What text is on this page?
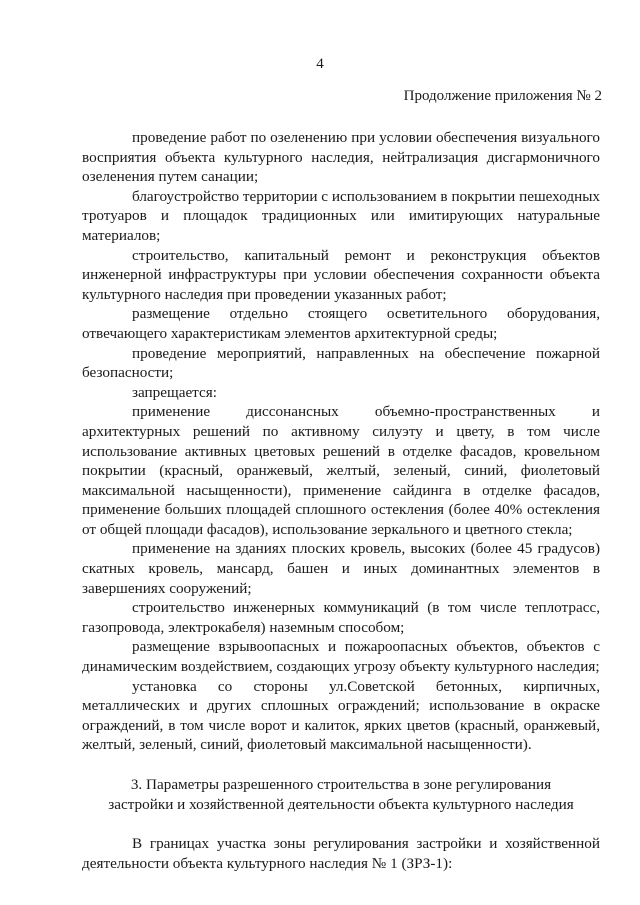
4
Продолжение приложения № 2

проведение работ по озеленению при условии обеспечения визуального восприятия объекта культурного наследия, нейтрализация дисгармоничного озеленения путем санации;

благоустройство территории с использованием в покрытии пешеходных тротуаров и площадок традиционных или имитирующих натуральные материалов;

строительство, капитальный ремонт и реконструкция объектов инженерной инфраструктуры при условии обеспечения сохранности объекта культурного наследия при проведении указанных работ;

размещение отдельно стоящего осветительного оборудования, отвечающего характеристикам элементов архитектурной среды;

проведение мероприятий, направленных на обеспечение пожарной безопасности;

запрещается:

применение диссонансных объемно-пространственных и архитектурных решений по активному силуэту и цвету, в том числе использование активных цветовых решений в отделке фасадов, кровельном покрытии (красный, оранжевый, желтый, зеленый, синий, фиолетовый максимальной насыщенности), применение сайдинга в отделке фасадов, применение больших площадей сплошного остекления (более 40% остекления от общей площади фасадов), использование зеркального и цветного стекла;

применение на зданиях плоских кровель, высоких (более 45 градусов) скатных кровель, мансард, башен и иных доминантных элементов в завершениях сооружений;

строительство инженерных коммуникаций (в том числе теплотрасс, газопровода, электрокабеля) наземным способом;

размещение взрывоопасных и пожароопасных объектов, объектов с динамическим воздействием, создающих угрозу объекту культурного наследия;

установка со стороны ул.Советской бетонных, кирпичных, металлических и других сплошных ограждений; использование в окраске ограждений, в том числе ворот и калиток, ярких цветов (красный, оранжевый, желтый, зеленый, синий, фиолетовый максимальной насыщенности).

3. Параметры разрешенного строительства в зоне регулирования
застройки и хозяйственной деятельности объекта культурного наследия

В границах участка зоны регулирования застройки и хозяйственной деятельности объекта культурного наследия № 1 (ЗРЗ-1):
